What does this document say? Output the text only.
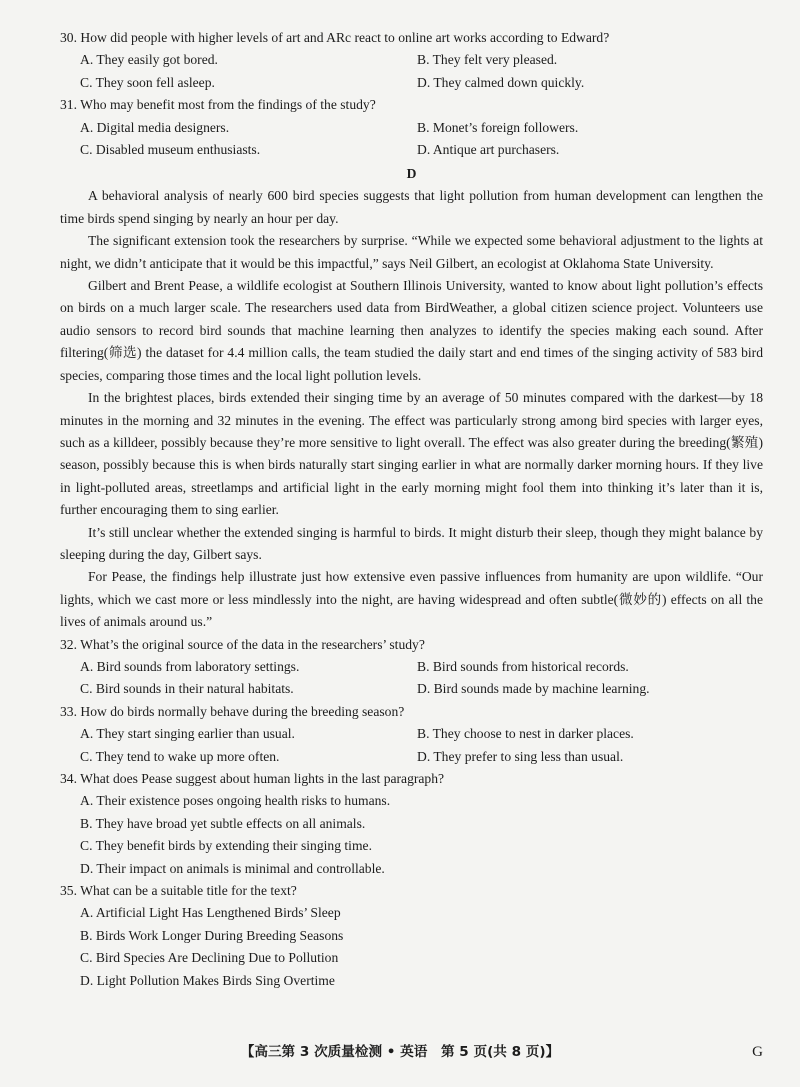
30. How did people with higher levels of art and ARc react to online art works according to Edward?

A. They easily got bored.	B. They felt very pleased.
C. They soon fell asleep.	D. They calmed down quickly.

31. Who may benefit most from the findings of the study?

A. Digital media designers.	B. Monet’s foreign followers.
C. Disabled museum enthusiasts.	D. Antique art purchasers.
D

A behavioral analysis of nearly 600 bird species suggests that light pollution from human development can lengthen the time birds spend singing by nearly an hour per day.

The significant extension took the researchers by surprise. “While we expected some behavioral adjustment to the lights at night, we didn’t anticipate that it would be this impactful,” says Neil Gilbert, an ecologist at Oklahoma State University.

Gilbert and Brent Pease, a wildlife ecologist at Southern Illinois University, wanted to know about light pollution’s effects on birds on a much larger scale. The researchers used data from BirdWeather, a global citizen science project. Volunteers use audio sensors to record bird sounds that machine learning then analyzes to identify the species making each sound. After filtering(筛选) the dataset for 4.4 million calls, the team studied the daily start and end times of the singing activity of 583 bird species, comparing those times and the local light pollution levels.

In the brightest places, birds extended their singing time by an average of 50 minutes compared with the darkest—by 18 minutes in the morning and 32 minutes in the evening. The effect was particularly strong among bird species with larger eyes, such as a killdeer, possibly because they’re more sensitive to light overall. The effect was also greater during the breeding(繁殖) season, possibly because this is when birds naturally start singing earlier in what are normally darker morning hours. If they live in light-polluted areas, streetlamps and artificial light in the early morning might fool them into thinking it’s later than it is, further encouraging them to sing earlier.

It’s still unclear whether the extended singing is harmful to birds. It might disturb their sleep, though they might balance by sleeping during the day, Gilbert says.

For Pease, the findings help illustrate just how extensive even passive influences from humanity are upon wildlife. “Our lights, which we cast more or less mindlessly into the night, are having widespread and often subtle(微妙的) effects on all the lives of animals around us.”

32. What’s the original source of the data in the researchers’ study?

A. Bird sounds from laboratory settings.	B. Bird sounds from historical records.
C. Bird sounds in their natural habitats.	D. Bird sounds made by machine learning.

33. How do birds normally behave during the breeding season?

A. They start singing earlier than usual.	B. They choose to nest in darker places.
C. They tend to wake up more often.	D. They prefer to sing less than usual.

34. What does Pease suggest about human lights in the last paragraph?

A. Their existence poses ongoing health risks to humans.
B. They have broad yet subtle effects on all animals.
C. They benefit birds by extending their singing time.
D. Their impact on animals is minimal and controllable.

35. What can be a suitable title for the text?

A. Artificial Light Has Lengthened Birds’ Sleep
B. Birds Work Longer During Breeding Seasons
C. Bird Species Are Declining Due to Pollution
D. Light Pollution Makes Birds Sing Overtime
【高三第 3 次质量检测 • 英语　第 5 页(共 8 页)】	G
